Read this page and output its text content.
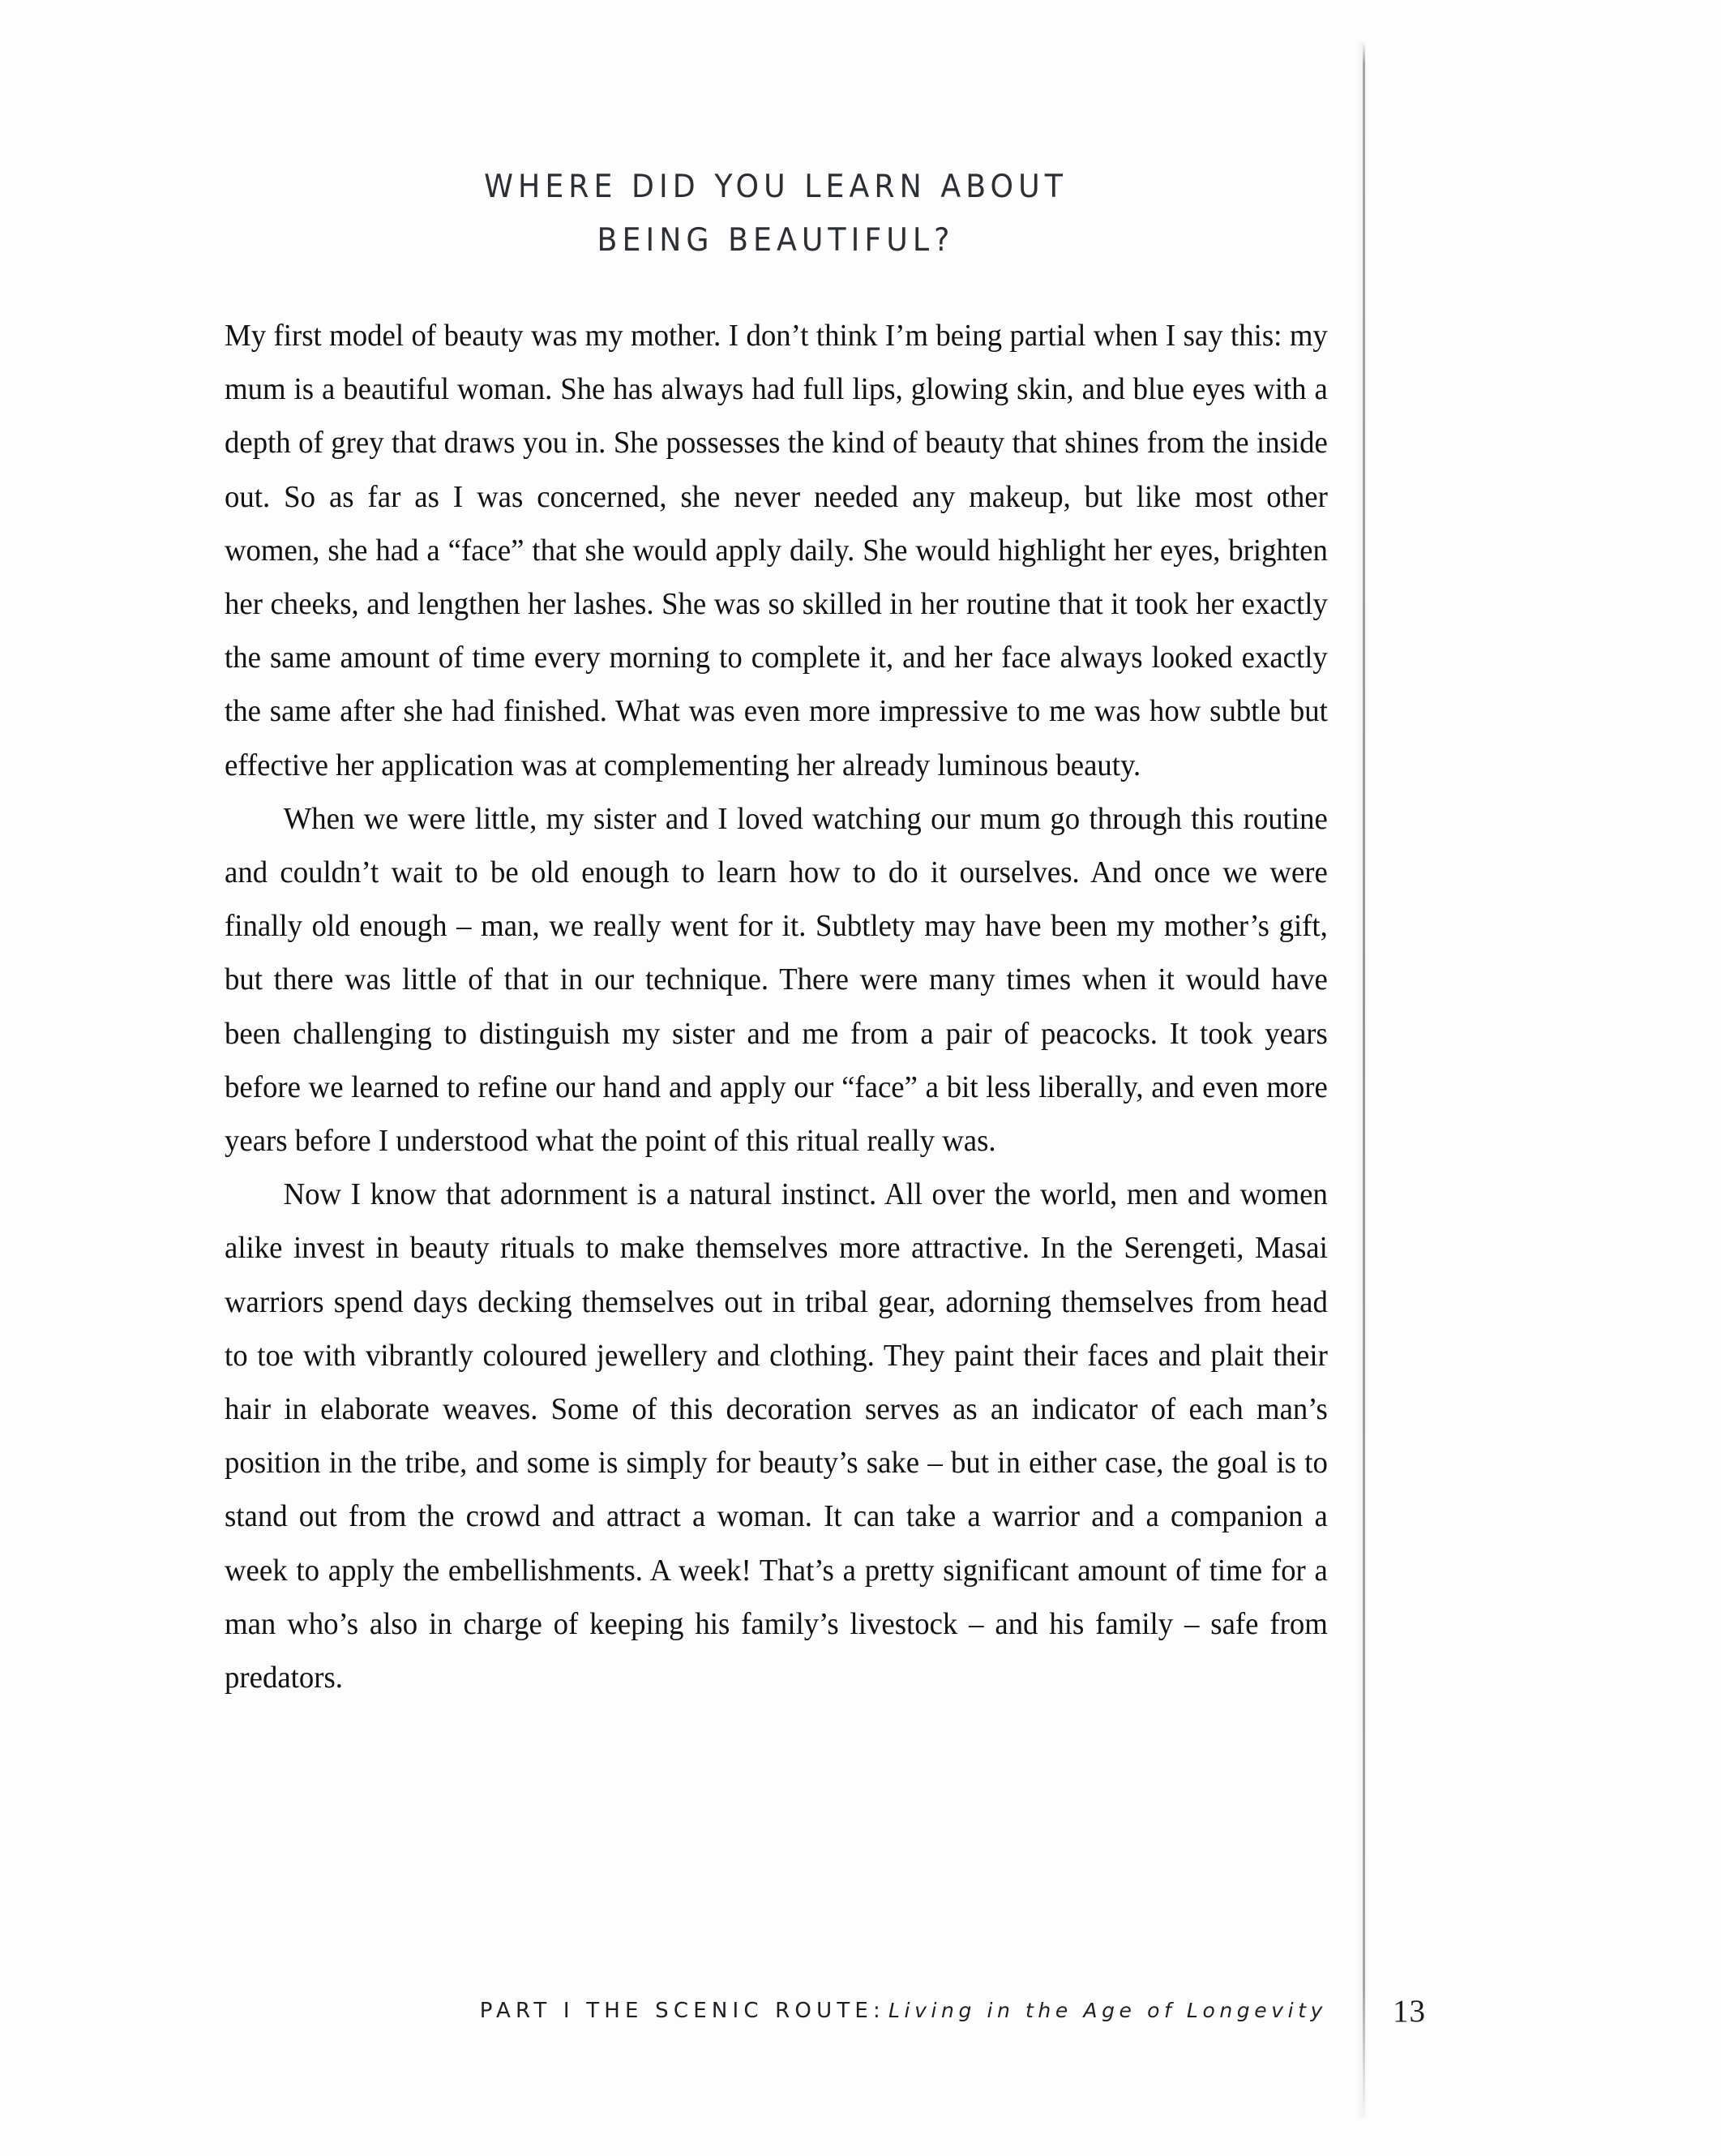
WHERE DID YOU LEARN ABOUT
BEING BEAUTIFUL?

My first model of beauty was my mother. I don’t think I’m being partial when I say this: my mum is a beautiful woman. She has always had full lips, glowing skin, and blue eyes with a depth of grey that draws you in. She possesses the kind of beauty that shines from the inside out. So as far as I was concerned, she never needed any makeup, but like most other women, she had a “face” that she would apply daily. She would highlight her eyes, brighten her cheeks, and lengthen her lashes. She was so skilled in her routine that it took her exactly the same amount of time every morning to complete it, and her face always looked exactly the same after she had finished. What was even more impressive to me was how subtle but effective her application was at complementing her already luminous beauty.

When we were little, my sister and I loved watching our mum go through this routine and couldn’t wait to be old enough to learn how to do it ourselves. And once we were finally old enough – man, we really went for it. Subtlety may have been my mother’s gift, but there was little of that in our technique. There were many times when it would have been challenging to distinguish my sister and me from a pair of peacocks. It took years before we learned to refine our hand and apply our “face” a bit less liberally, and even more years before I understood what the point of this ritual really was.

Now I know that adornment is a natural instinct. All over the world, men and women alike invest in beauty rituals to make themselves more attractive. In the Serengeti, Masai warriors spend days decking themselves out in tribal gear, adorning themselves from head to toe with vibrantly coloured jewellery and clothing. They paint their faces and plait their hair in elaborate weaves. Some of this decoration serves as an indicator of each man’s position in the tribe, and some is simply for beauty’s sake – but in either case, the goal is to stand out from the crowd and attract a woman. It can take a warrior and a companion a week to apply the embellishments. A week! That’s a pretty significant amount of time for a man who’s also in charge of keeping his family’s livestock – and his family – safe from predators.

PART I THE SCENIC ROUTE: Living in the Age of Longevity 13
